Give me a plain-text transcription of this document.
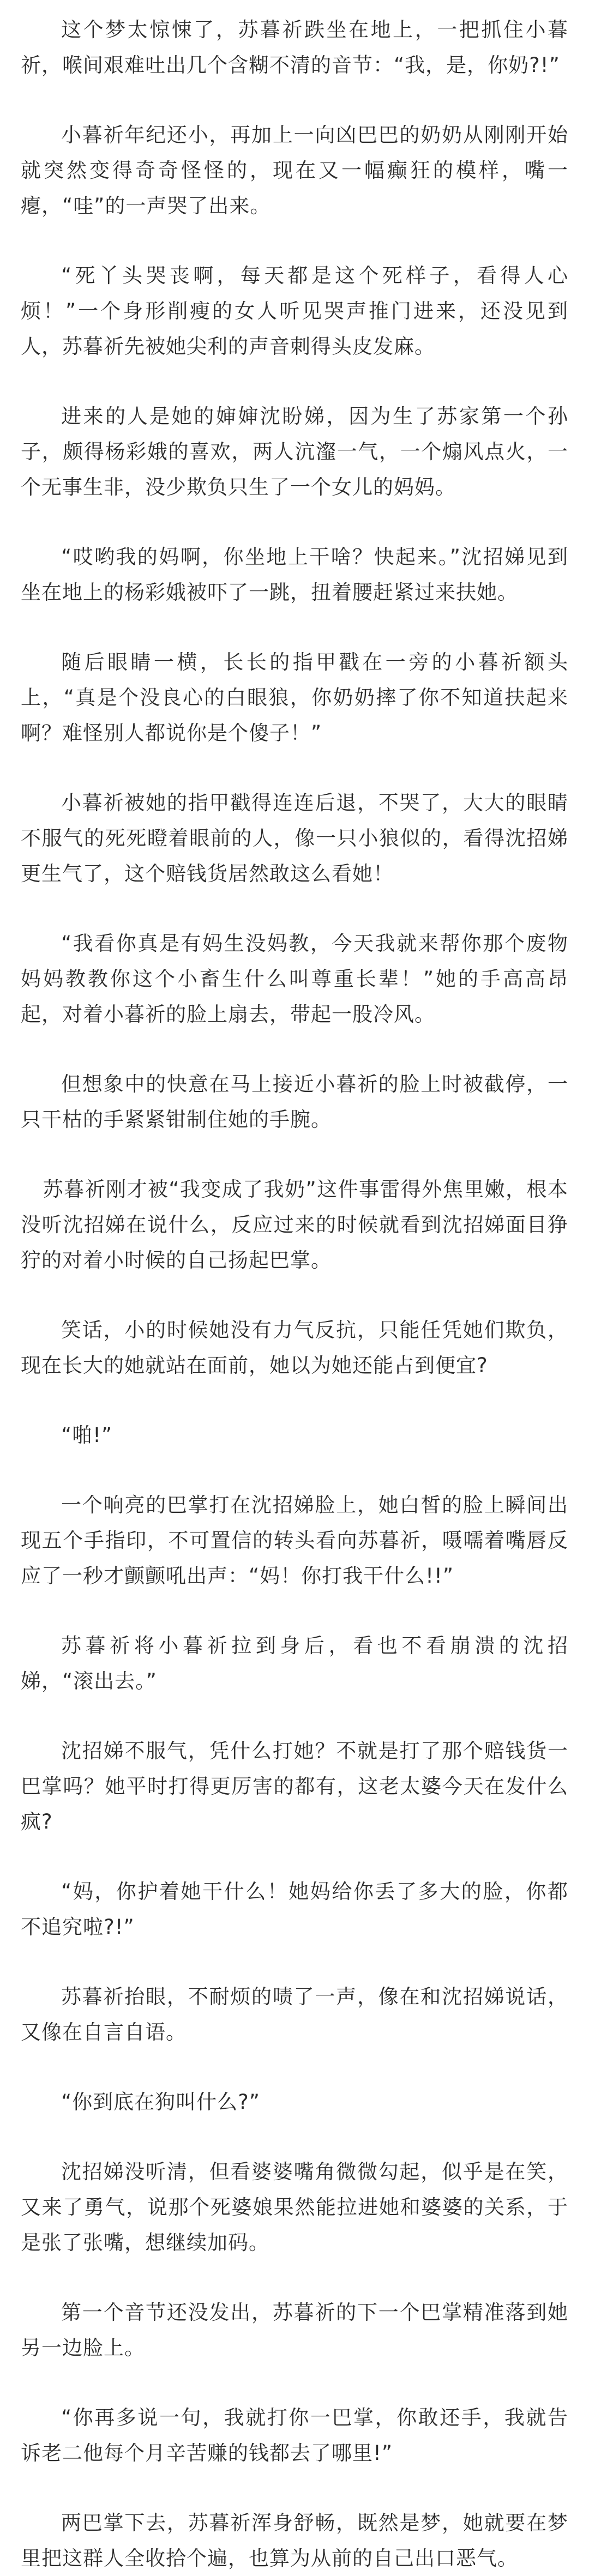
这个梦太惊悚了，苏暮祈跌坐在地上，一把抓住小暮祈，喉间艰难吐出几个含糊不清的音节：“我，是，你奶?!”

小暮祈年纪还小，再加上一向凶巴巴的奶奶从刚刚开始就突然变得奇奇怪怪的，现在又一幅癫狂的模样，嘴一瘪，“哇”的一声哭了出来。

“死丫头哭丧啊，每天都是这个死样子，看得人心烦！”一个身形削瘦的女人听见哭声推门进来，还没见到人，苏暮祈先被她尖利的声音刺得头皮发麻。

进来的人是她的婶婶沈盼娣，因为生了苏家第一个孙子，颇得杨彩娥的喜欢，两人沆瀣一气，一个煽风点火，一个无事生非，没少欺负只生了一个女儿的妈妈。

“哎哟我的妈啊，你坐地上干啥？快起来。”沈招娣见到坐在地上的杨彩娥被吓了一跳，扭着腰赶紧过来扶她。

随后眼睛一横，长长的指甲戳在一旁的小暮祈额头上，“真是个没良心的白眼狼，你奶奶摔了你不知道扶起来啊？难怪别人都说你是个傻子！”

小暮祈被她的指甲戳得连连后退，不哭了，大大的眼睛不服气的死死瞪着眼前的人，像一只小狼似的，看得沈招娣更生气了，这个赔钱货居然敢这么看她！

“我看你真是有妈生没妈教，今天我就来帮你那个废物妈妈教教你这个小畜生什么叫尊重长辈！”她的手高高昂起，对着小暮祈的脸上扇去，带起一股冷风。

但想象中的快意在马上接近小暮祈的脸上时被截停，一只干枯的手紧紧钳制住她的手腕。

苏暮祈刚才被“我变成了我奶”这件事雷得外焦里嫩，根本没听沈招娣在说什么，反应过来的时候就看到沈招娣面目狰狞的对着小时候的自己扬起巴掌。

笑话，小的时候她没有力气反抗，只能任凭她们欺负，现在长大的她就站在面前，她以为她还能占到便宜?

“啪!”

一个响亮的巴掌打在沈招娣脸上，她白皙的脸上瞬间出现五个手指印，不可置信的转头看向苏暮祈，嗫嚅着嘴唇反应了一秒才颤颤吼出声：“妈！你打我干什么!!”

苏暮祈将小暮祈拉到身后，看也不看崩溃的沈招娣，“滚出去。”

沈招娣不服气，凭什么打她？不就是打了那个赔钱货一巴掌吗？她平时打得更厉害的都有，这老太婆今天在发什么疯?

“妈，你护着她干什么！她妈给你丢了多大的脸，你都不追究啦?!”

苏暮祈抬眼，不耐烦的啧了一声，像在和沈招娣说话，又像在自言自语。

“你到底在狗叫什么?”

沈招娣没听清，但看婆婆嘴角微微勾起，似乎是在笑，又来了勇气，说那个死婆娘果然能拉进她和婆婆的关系，于是张了张嘴，想继续加码。

第一个音节还没发出，苏暮祈的下一个巴掌精准落到她另一边脸上。

“你再多说一句，我就打你一巴掌，你敢还手，我就告诉老二他每个月辛苦赚的钱都去了哪里!”

两巴掌下去，苏暮祈浑身舒畅，既然是梦，她就要在梦里把这群人全收拾个遍，也算为从前的自己出口恶气。
